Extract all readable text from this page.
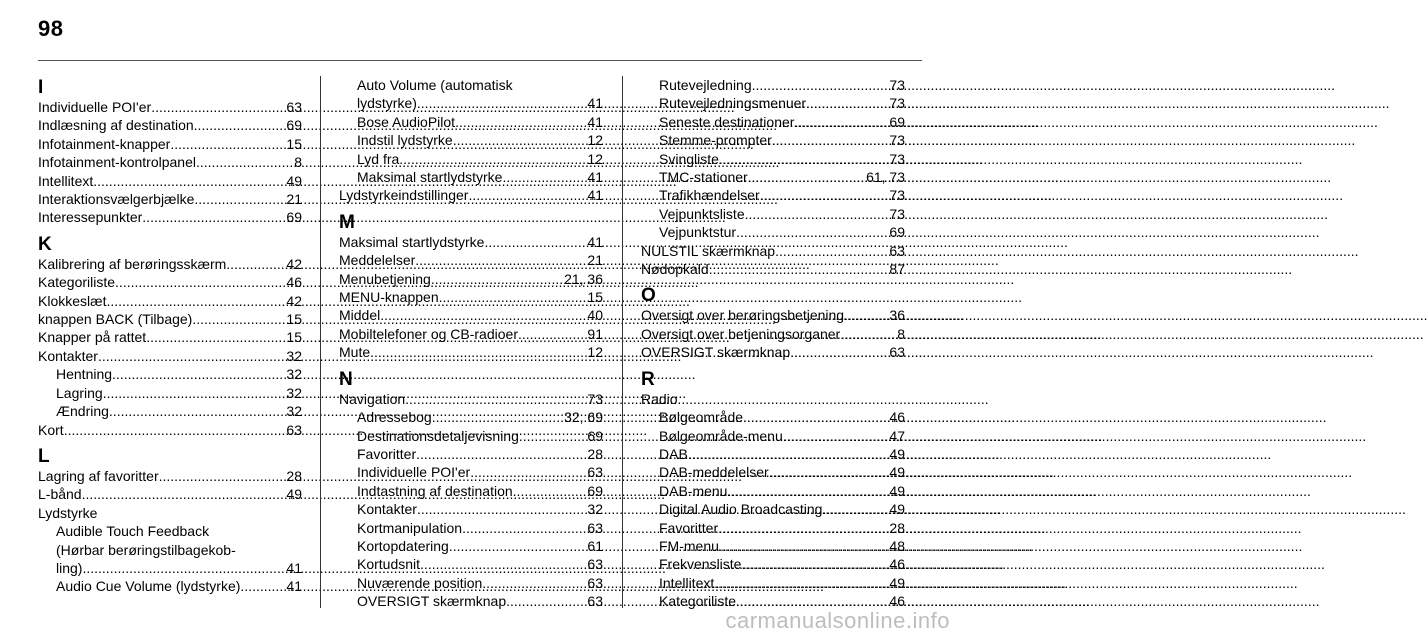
98
I
Individuelle POI'er .....	63
Indlæsning af destination .....	69
Infotainment-knapper .....	15
Infotainment-kontrolpanel .....	8
Intellitext .....	49
Interaktionsvælgerbjælke .....	21
Interessepunkter .....	69
K
Kalibrering af berøringsskærm .....	42
Kategoriliste .....	46
Klokkeslæt .....	42
knappen BACK (Tilbage) .....	15
Knapper på rattet .....	15
Kontakter .....	32
Hentning .....	32
Lagring .....	32
Ændring .....	32
Kort .....	63
L
Lagring af favoritter .....	28
L-bånd .....	49
Lydstyrke
Audible Touch Feedback
(Hørbar berøringstilbagekob-
ling) .....	41
Audio Cue Volume (lydstyrke) .....	41
Auto Volume (automatisk
lydstyrke) .....	41
Bose AudioPilot .....	41
Indstil lydstyrke .....	12
Lyd fra .....	12
Maksimal startlydstyrke .....	41
Lydstyrkeindstillinger .....	41
M
Maksimal startlydstyrke .....	41
Meddelelser .....	21
Menubetjening .....	21, 36
MENU-knappen .....	15
Middel .....	40
Mobiltelefoner og CB-radioer .....	91
Mute .....	12
N
Navigation .....	73
Adressebog .....	32, 69
Destinationsdetaljevisning .....	69
Favoritter .....	28
Individuelle POI'er .....	63
Indtastning af destination .....	69
Kontakter .....	32
Kortmanipulation .....	63
Kortopdatering .....	61
Kortudsnit .....	63
Nuværende position .....	63
OVERSIGT skærmknap .....	63
Rutevejledning .....	73
Rutevejledningsmenuer .....	73
Seneste destinationer .....	69
Stemme-prompter .....	73
Svingliste .....	73
TMC-stationer .....	61, 73
Trafikhændelser .....	73
Vejpunktsliste .....	73
Vejpunktstur .....	69
NULSTIL skærmknap .....	63
Nødopkald .....	87
O
Oversigt over berøringsbetjening .....	36
Oversigt over betjeningsorganer .....	8
OVERSIGT skærmknap .....	63
R
Radio
Bølgeområde .....	46
Bølgeområde-menu .....	47
DAB .....	49
DAB-meddelelser .....	49
DAB-menu .....	49
Digital Audio Broadcasting .....	49
Favoritter .....	28
FM-menu .....	48
Frekvensliste .....	46
Intellitext .....	49
Kategoriliste .....	46
carmanualsonline.info
